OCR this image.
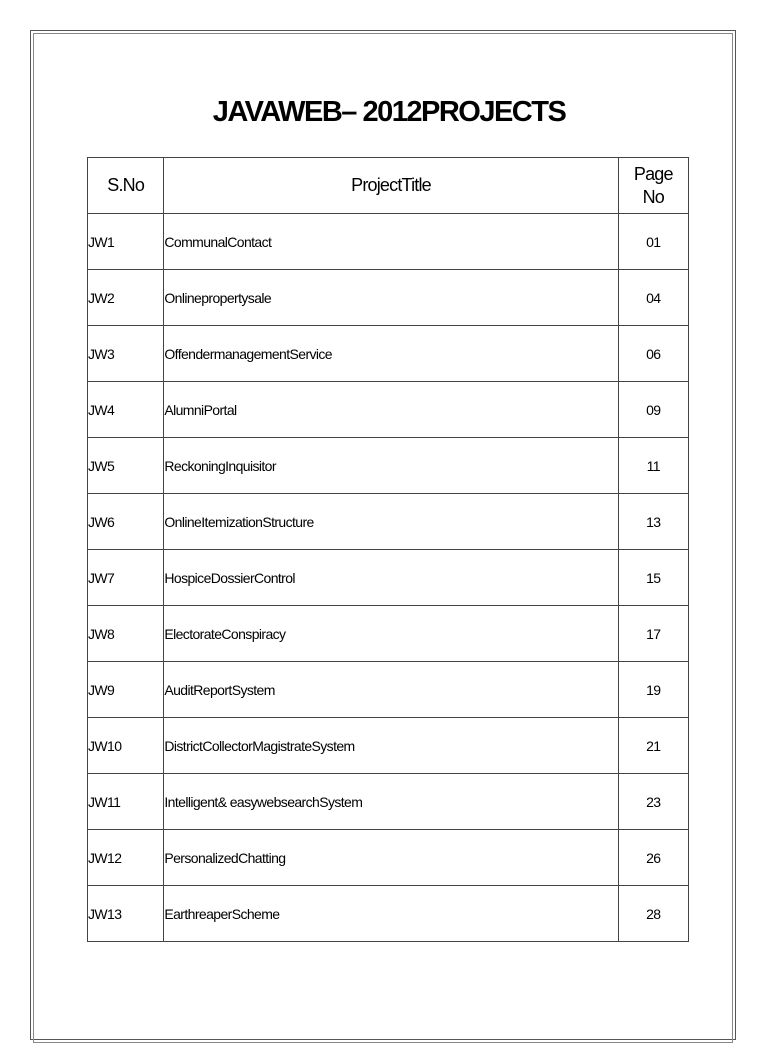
JAVAWEB– 2012PROJECTS
S.No	ProjectTitle	Page
No
JW1	CommunalContact	01
JW2	Onlinepropertysale	04
JW3	OffendermanagementService	06
JW4	AlumniPortal	09
JW5	ReckoningInquisitor	11
JW6	OnlineItemizationStructure	13
JW7	HospiceDossierControl	15
JW8	ElectorateConspiracy	17
JW9	AuditReportSystem	19
JW10	DistrictCollectorMagistrateSystem	21
JW11	Intelligent& easywebsearchSystem	23
JW12	PersonalizedChatting	26
JW13	EarthreaperScheme	28
